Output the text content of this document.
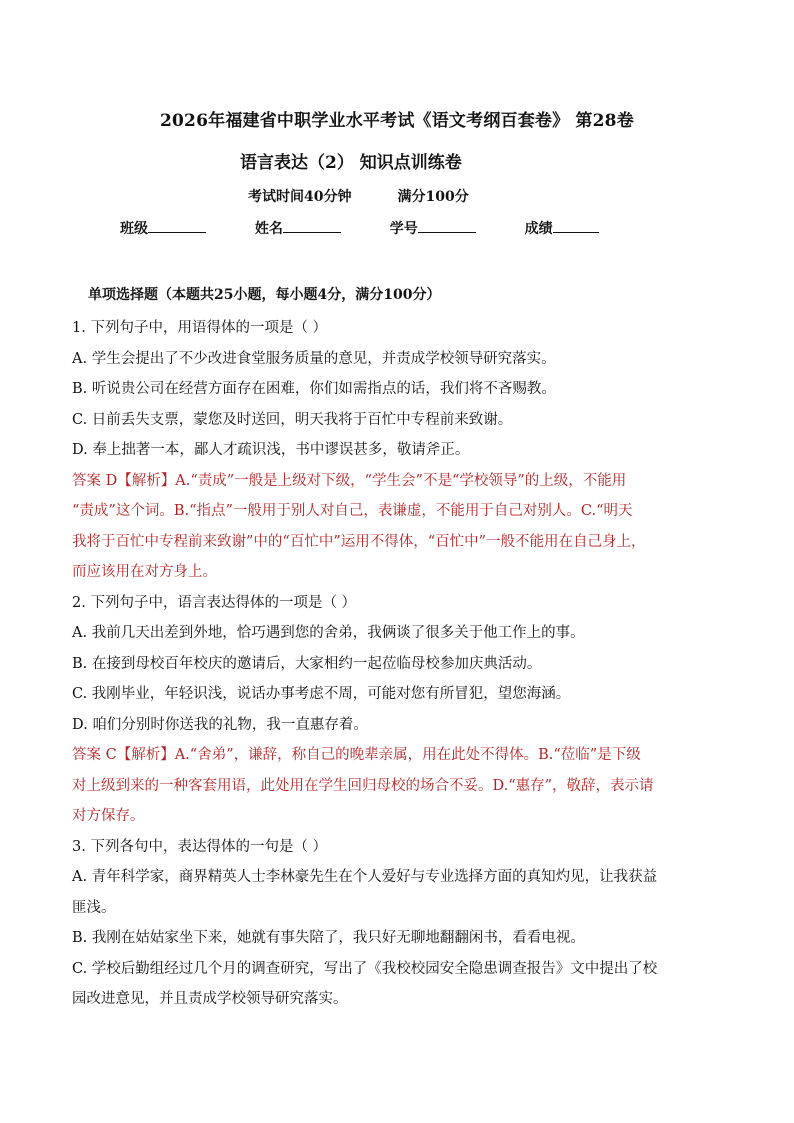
2026年福建省中职学业水平考试《语文考纲百套卷》 第28卷
语言表达（2） 知识点训练卷
考试时间40分钟	满分100分
班级	姓名	学号	成绩
单项选择题（本题共25小题，每小题4分，满分100分）
1. 下列句子中，用语得体的一项是（ ）
A. 学生会提出了不少改进食堂服务质量的意见，并责成学校领导研究落实。
B. 听说贵公司在经营方面存在困难，你们如需指点的话，我们将不吝赐教。
C. 日前丢失支票，蒙您及时送回，明天我将于百忙中专程前来致谢。
D. 奉上拙著一本，鄙人才疏识浅，书中谬误甚多，敬请斧正。
答案 D【解析】A.“责成”一般是上级对下级，“学生会”不是“学校领导”的上级，不能用
“责成”这个词。B.“指点”一般用于别人对自己，表谦虚，不能用于自己对别人。C.“明天
我将于百忙中专程前来致谢”中的“百忙中”运用不得体，“百忙中”一般不能用在自己身上，
而应该用在对方身上。
2. 下列句子中，语言表达得体的一项是（ ）
A. 我前几天出差到外地，恰巧遇到您的舍弟，我俩谈了很多关于他工作上的事。
B. 在接到母校百年校庆的邀请后，大家相约一起莅临母校参加庆典活动。
C. 我刚毕业，年轻识浅，说话办事考虑不周，可能对您有所冒犯，望您海涵。
D. 咱们分别时你送我的礼物，我一直惠存着。
答案 C【解析】A.“舍弟”，谦辞，称自己的晚辈亲属，用在此处不得体。B.“莅临”是下级
对上级到来的一种客套用语，此处用在学生回归母校的场合不妥。D.“惠存”，敬辞，表示请
对方保存。
3. 下列各句中，表达得体的一句是（ ）
A. 青年科学家，商界精英人士李林豪先生在个人爱好与专业选择方面的真知灼见，让我获益
匪浅。
B. 我刚在姑姑家坐下来，她就有事失陪了，我只好无聊地翻翻闲书，看看电视。
C. 学校后勤组经过几个月的调查研究，写出了《我校校园安全隐患调查报告》文中提出了校
园改进意见，并且责成学校领导研究落实。
